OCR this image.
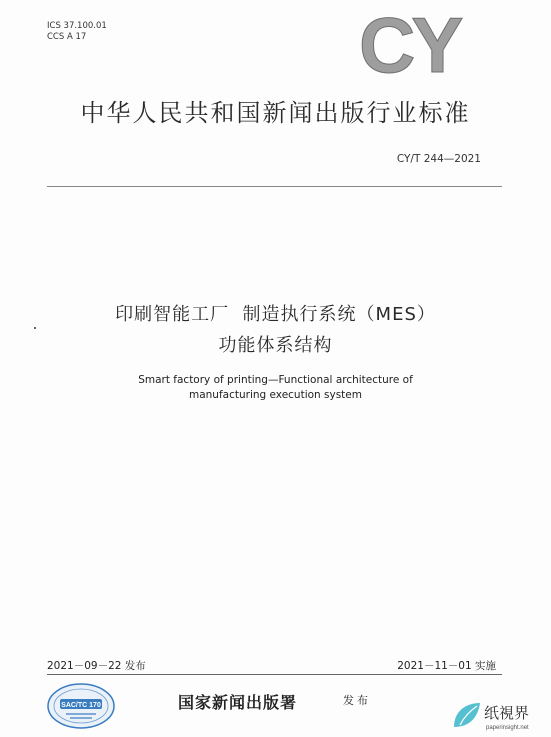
ICS 37.100.01
CCS A 17	CY
中华人民共和国新闻出版行业标准
CY/T 244—2021
印刷智能工厂  制造执行系统（MES）
功能体系结构
Smart factory of printing—Functional architecture of
manufacturing execution system
2021－09－22 发布	2021－11－01 实施
SAC/TC 170	国家新闻出版署	发布
纸視界
paperinsight.net
